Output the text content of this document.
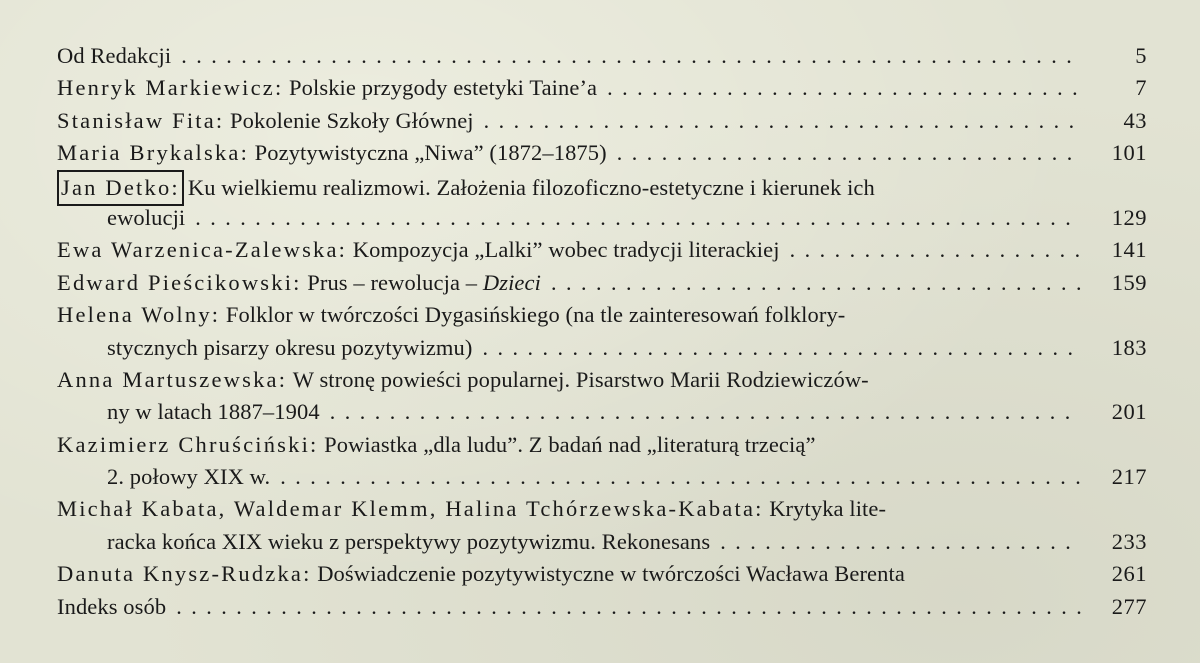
Od Redakcji . . .	5
Henryk Markiewicz:
Polskie przygody estetyki Taine’a . . .	7
Stanisław Fita:
Pokolenie Szkoły Głównej . . .	43
Maria Brykalska:
Pozytywistyczna „Niwa” (1872–1875) . . .	101
Jan Detko: Ku wielkiemu realizmowi. Założenia filozoficzno-estetyczne i kierunek ich
ewolucji . . .	129
Ewa Warzenica-Zalewska:
Kompozycja „Lalki” wobec tradycji literackiej . . .	141
Edward Pieścikowski:
Prus – rewolucja – Dzieci . . .	159
Helena Wolny:
Folklor w twórczości Dygasińskiego (na tle zainteresowań folklory-
stycznych pisarzy okresu pozytywizmu) . . .	183
Anna Martuszewska:
W stronę powieści popularnej. Pisarstwo Marii Rodziewiczów-
ny w latach 1887–1904 . . .	201
Kazimierz Chruściński:
Powiastka „dla ludu”. Z badań nad „literaturą trzecią”
2. połowy XIX w. . . .	217
Michał Kabata, Waldemar Klemm, Halina Tchórzewska-Kabata:
Krytyka lite-
racka końca XIX wieku z perspektywy pozytywizmu. Rekonesans . . .	233
Danuta Knysz-Rudzka:
Doświadczenie pozytywistyczne w twórczości Wacława Berenta	261
Indeks osób . . .	277
